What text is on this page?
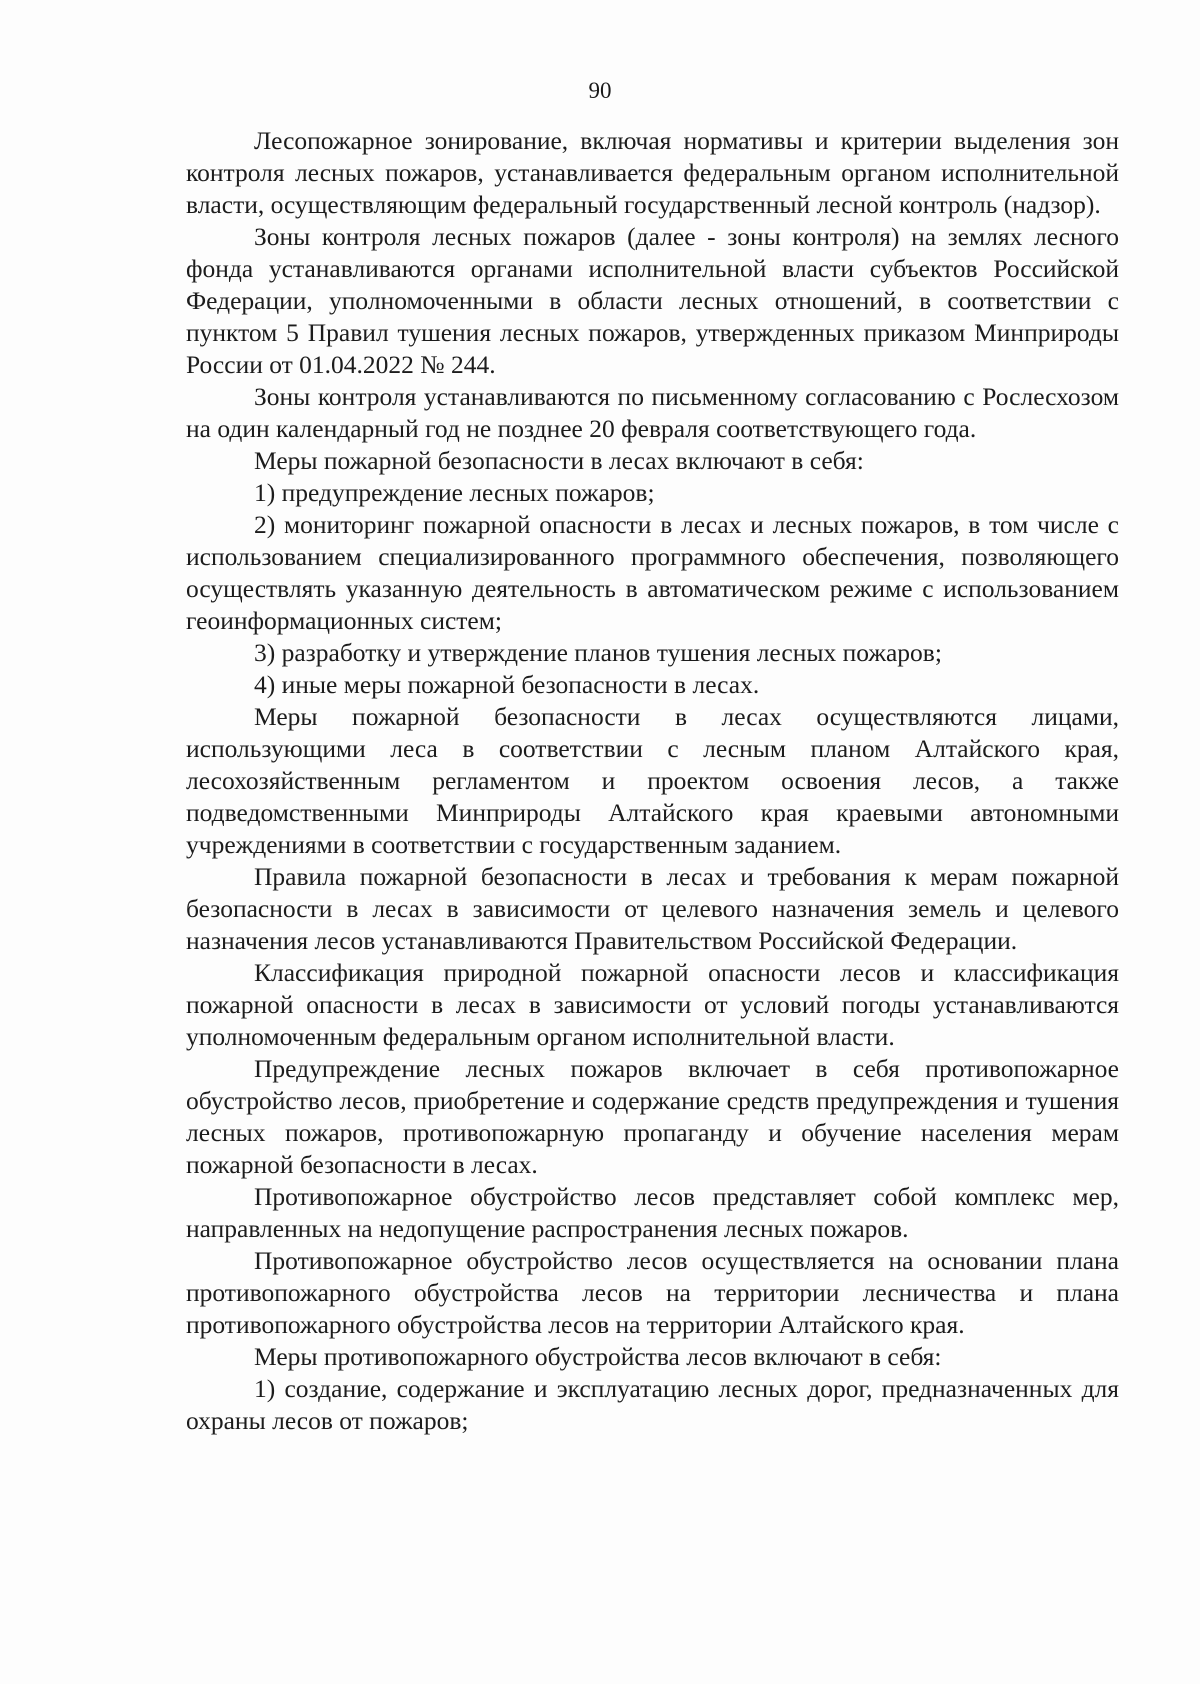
90

Лесопожарное зонирование, включая нормативы и критерии выделения зон контроля лесных пожаров, устанавливается федеральным органом исполнительной власти, осуществляющим федеральный государственный лесной контроль (надзор).

Зоны контроля лесных пожаров (далее - зоны контроля) на землях лесного фонда устанавливаются органами исполнительной власти субъектов Российской Федерации, уполномоченными в области лесных отношений, в соответствии с пунктом 5 Правил тушения лесных пожаров, утвержденных приказом Минприроды России от 01.04.2022 № 244.

Зоны контроля устанавливаются по письменному согласованию с Рослесхозом на один календарный год не позднее 20 февраля соответствующего года.

Меры пожарной безопасности в лесах включают в себя:

1) предупреждение лесных пожаров;

2) мониторинг пожарной опасности в лесах и лесных пожаров, в том числе с использованием специализированного программного обеспечения, позволяющего осуществлять указанную деятельность в автоматическом режиме с использованием геоинформационных систем;

3) разработку и утверждение планов тушения лесных пожаров;

4) иные меры пожарной безопасности в лесах.

Меры пожарной безопасности в лесах осуществляются лицами, использующими леса в соответствии с лесным планом Алтайского края, лесохозяйственным регламентом и проектом освоения лесов, а также подведомственными Минприроды Алтайского края краевыми автономными учреждениями в соответствии с государственным заданием.

Правила пожарной безопасности в лесах и требования к мерам пожарной безопасности в лесах в зависимости от целевого назначения земель и целевого назначения лесов устанавливаются Правительством Российской Федерации.

Классификация природной пожарной опасности лесов и классификация пожарной опасности в лесах в зависимости от условий погоды устанавливаются уполномоченным федеральным органом исполнительной власти.

Предупреждение лесных пожаров включает в себя противопожарное обустройство лесов, приобретение и содержание средств предупреждения и тушения лесных пожаров, противопожарную пропаганду и обучение населения мерам пожарной безопасности в лесах.

Противопожарное обустройство лесов представляет собой комплекс мер, направленных на недопущение распространения лесных пожаров.

Противопожарное обустройство лесов осуществляется на основании плана противопожарного обустройства лесов на территории лесничества и плана противопожарного обустройства лесов на территории Алтайского края.

Меры противопожарного обустройства лесов включают в себя:

1) создание, содержание и эксплуатацию лесных дорог, предназначенных для охраны лесов от пожаров;
